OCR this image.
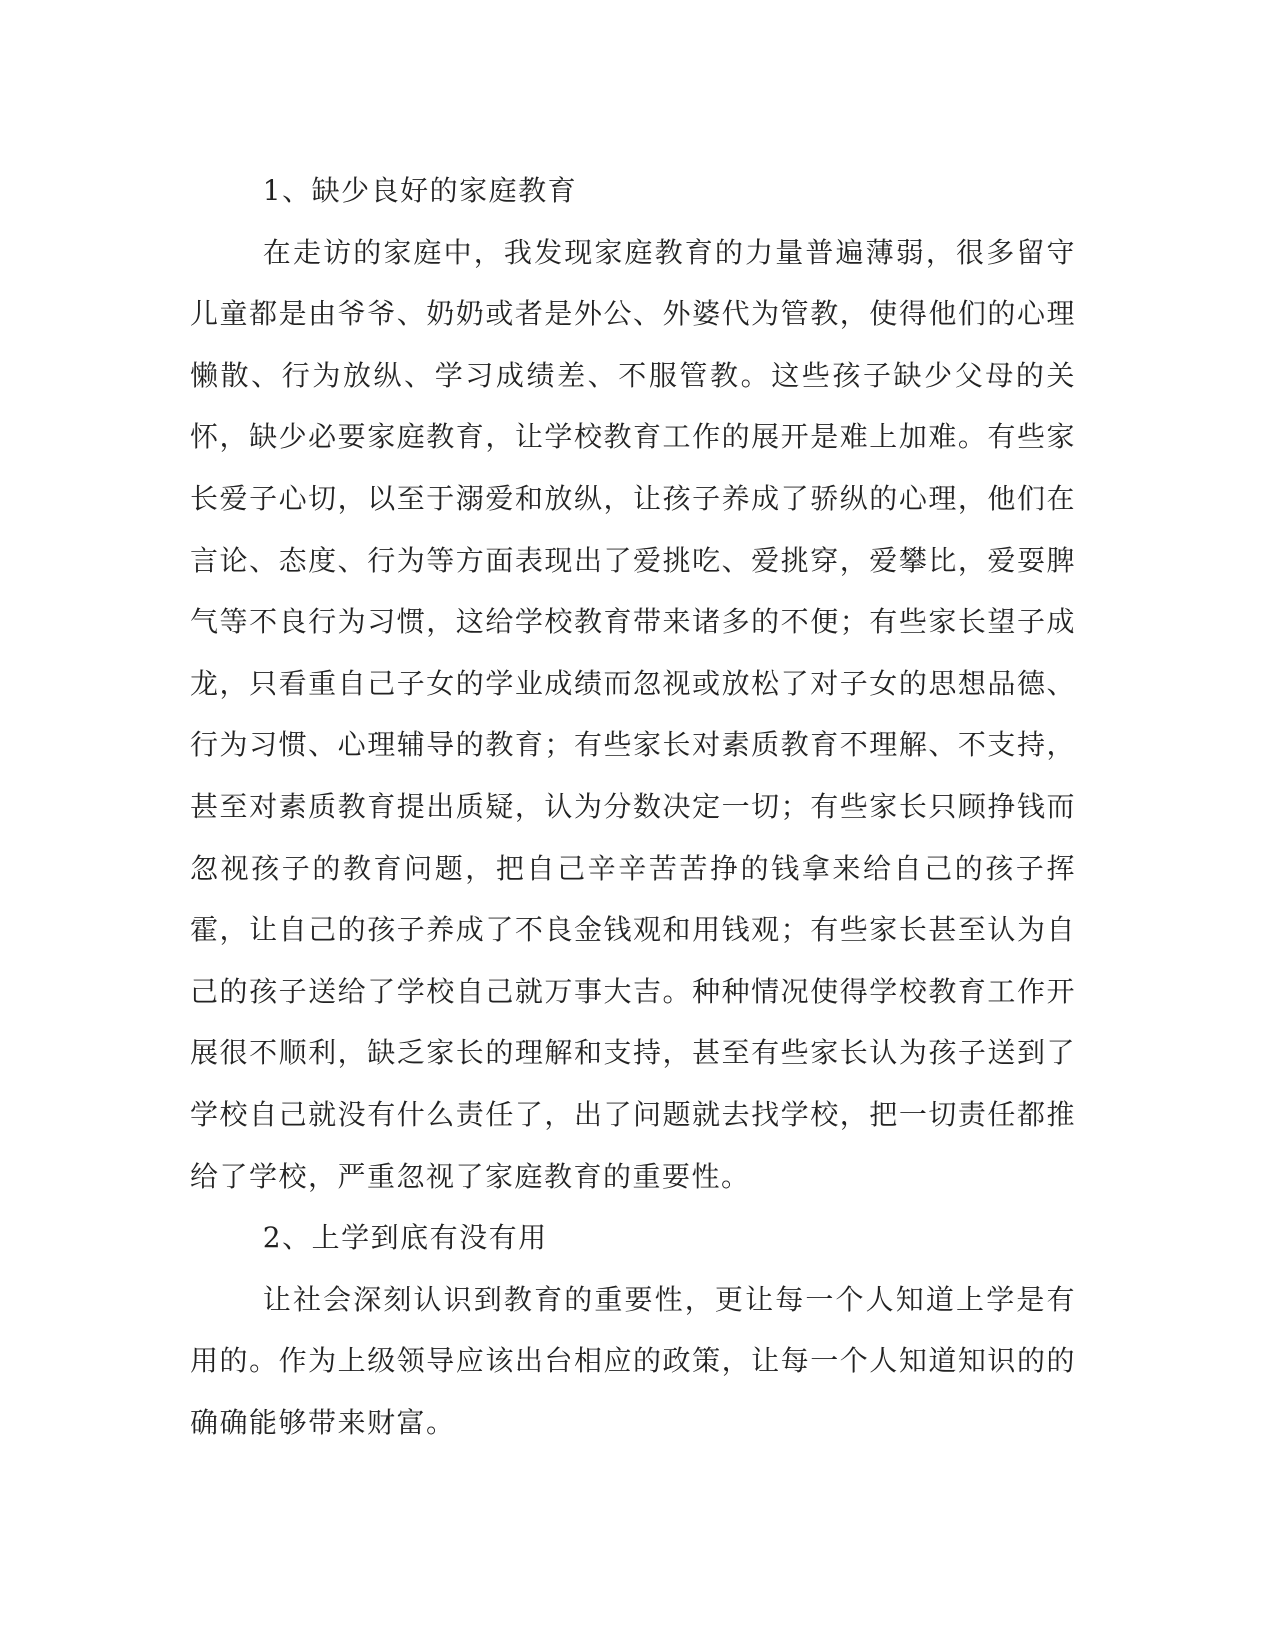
1、缺少良好的家庭教育

在走访的家庭中，我发现家庭教育的力量普遍薄弱，很多留守儿童都是由爷爷、奶奶或者是外公、外婆代为管教，使得他们的心理懒散、行为放纵、学习成绩差、不服管教。这些孩子缺少父母的关怀，缺少必要家庭教育，让学校教育工作的展开是难上加难。有些家长爱子心切，以至于溺爱和放纵，让孩子养成了骄纵的心理，他们在言论、态度、行为等方面表现出了爱挑吃、爱挑穿，爱攀比，爱耍脾气等不良行为习惯，这给学校教育带来诸多的不便；有些家长望子成龙，只看重自己子女的学业成绩而忽视或放松了对子女的思想品德、行为习惯、心理辅导的教育；有些家长对素质教育不理解、不支持，甚至对素质教育提出质疑，认为分数决定一切；有些家长只顾挣钱而忽视孩子的教育问题，把自己辛辛苦苦挣的钱拿来给自己的孩子挥霍，让自己的孩子养成了不良金钱观和用钱观；有些家长甚至认为自己的孩子送给了学校自己就万事大吉。种种情况使得学校教育工作开展很不顺利，缺乏家长的理解和支持，甚至有些家长认为孩子送到了学校自己就没有什么责任了，出了问题就去找学校，把一切责任都推给了学校，严重忽视了家庭教育的重要性。

2、上学到底有没有用

让社会深刻认识到教育的重要性，更让每一个人知道上学是有用的。作为上级领导应该出台相应的政策，让每一个人知道知识的的确确能够带来财富。
